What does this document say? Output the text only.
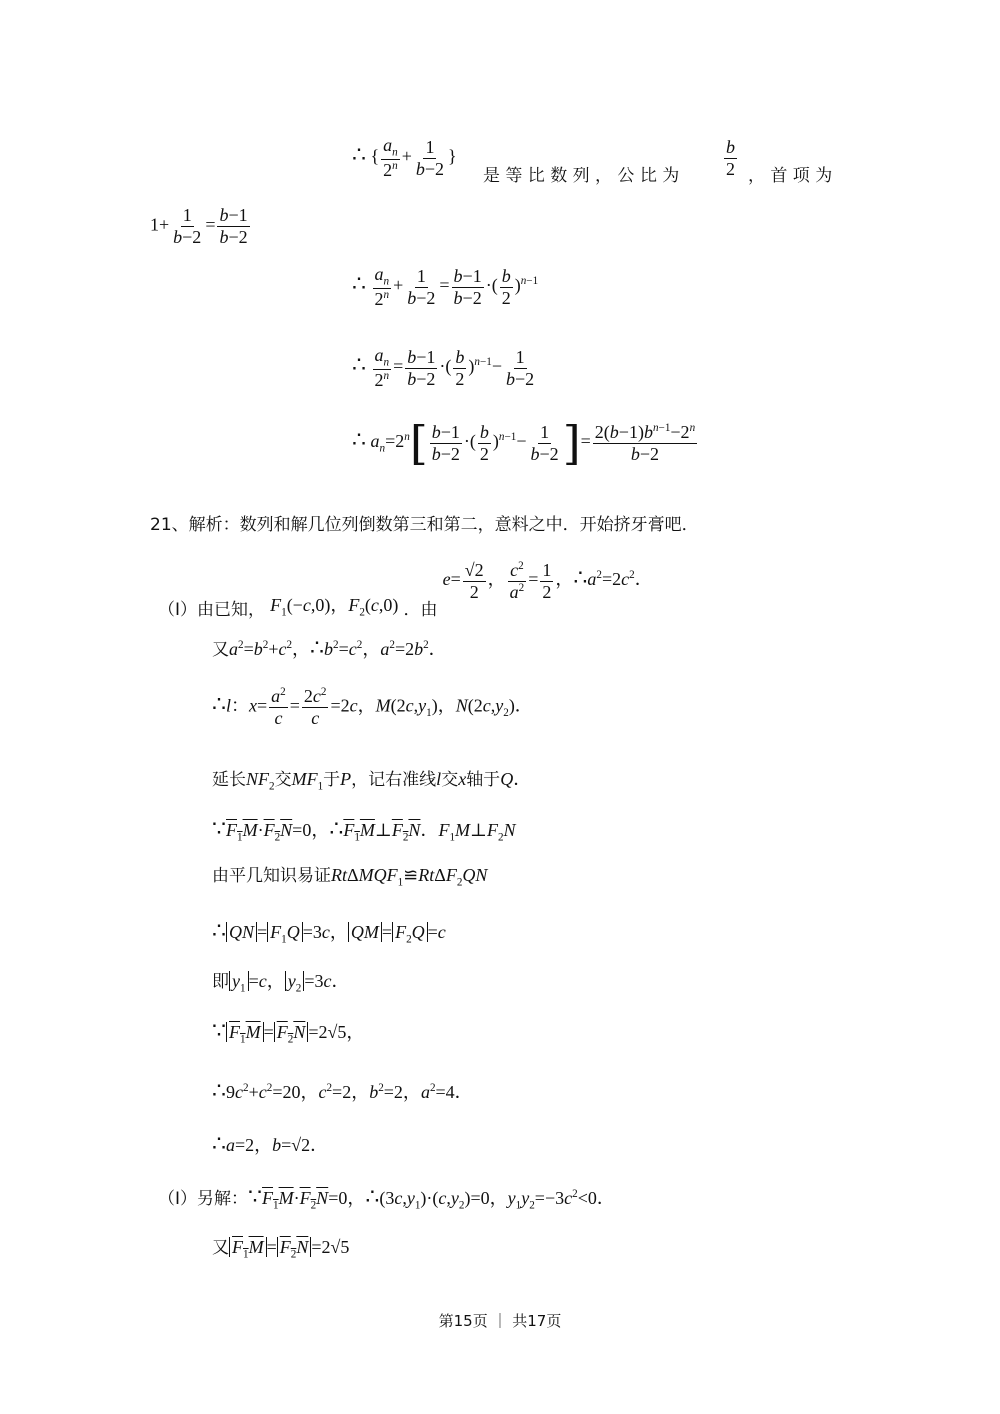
∴ { $\frac{a_n}{2^n} + \frac{1}{b-2}$ }
是 等 比 数 列 ， 公 比 为 $\frac{b}{2}$ ， 首 项 为
$1+ \frac{1}{b-2} = \frac{b-1}{b-2}$
∴ $\frac{a_n}{2^n} + \frac{1}{b-2} = \frac{b-1}{b-2}$ ·( $\frac{b}{2} )^{n-1}$
∴ $\frac{a_n}{2^n} = \frac{b-1}{b-2}$ ·( $\frac{b}{2} )^{n-1}- \frac{1}{b-2}$
∴ $a_n=2^n[ \frac{b-1}{b-2}$ ·( $\frac{b}{2} )^{n-1}- \frac{1}{b-2}$ ]= $\frac{2(b-1)b^{n-1}-2^n}{b-2}$
21、解析：数列和解几位列倒数第三和第二，意料之中．开始挤牙膏吧．
（Ⅰ）由已知， $F_1(-c,0)$，$F_2(c,0)$ ．由 $e= \frac{√2}{2}$ ， $\frac{c^2}{a^2} = \frac{1}{2}$ ，$\therefore a^2=2c^2$．
又$a^2=b^2+c^2$，$\therefore b^2=c^2$，$a^2=2b^2$．
∴l：$x= \frac{a^2}{c} = \frac{2c^2}{c} =2c$，$M(2c,y_1)$，$N(2c,y_2)$．
延长$NF_2$交$MF_1$于P，记右准线l交x轴于Q．
$\because F_1M\cdot F_2N=0$，$\therefore F_1M\perp F_2N$．$F_1M\perp F_2N$
由平几知识易证RtΔMQF$_1$≌RtΔF$_2$QN
∴ QN = $F_1Q =3c$， QM = $F_2Q =c$
即 $y_1 =c$， $y_2 =3c$．
∵ $F_1M = F_2N =2√5$，
$\therefore 9c^2+c^2=20$，$c^2=2$，$b^2=2$，$a^2=4$．
∴a=2，b=√2．
（Ⅰ）另解：$\because F_1M\cdot F_2N=0$，$\therefore(3c,y_1)\cdot(c,y_2)=0$，$y_1y_2=-3c^2<0$．
又 $F_1M = F_2N =2√5$
第15页 ｜ 共17页
